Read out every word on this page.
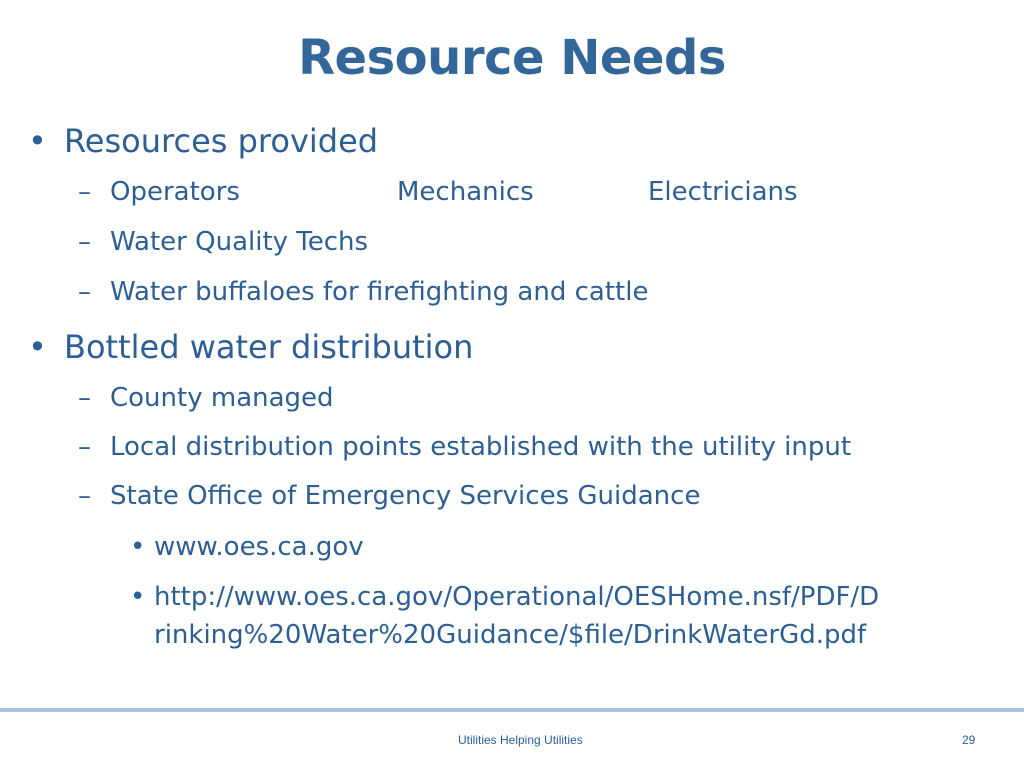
Resource Needs
• Resources provided
– Operators	Mechanics	Electricians
– Water Quality Techs
– Water buffaloes for firefighting and cattle
• Bottled water distribution
– County managed
– Local distribution points established with the utility input
– State Office of Emergency Services Guidance
• www.oes.ca.gov
• http://www.oes.ca.gov/Operational/OESHome.nsf/PDF/D
rinking%20Water%20Guidance/$file/DrinkWaterGd.pdf
Utilities Helping Utilities	29
